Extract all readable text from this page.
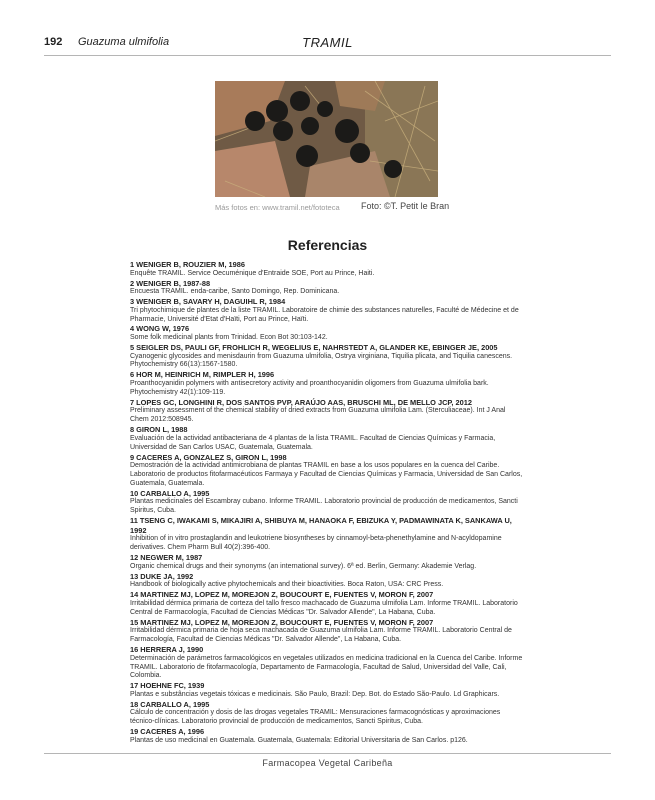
192 Guazuma ulmifolia	TRAMIL
Más fotos en: www.tramil.net/fototeca Foto: ©T. Petit le Bran
Referencias
1 WENIGER B, ROUZIER M, 1986
Enquête TRAMIL. Service Oecuménique d'Entraide SOE, Port au Prince, Haiti.
2 WENIGER B, 1987-88
Encuesta TRAMIL. enda-caribe, Santo Domingo, Rep. Dominicana.
3 WENIGER B, SAVARY H, DAGUIHL R, 1984
Tri phytochimique de plantes de la liste TRAMIL. Laboratoire de chimie des substances naturelles, Faculté de Médecine et de Pharmacie, Université d'Etat d'Haïti, Port au Prince, Haïti.
4 WONG W, 1976
Some folk medicinal plants from Trinidad. Econ Bot 30:103-142.
5 SEIGLER DS, PAULI GF, FROHLICH R, WEGELIUS E, NAHRSTEDT A, GLANDER KE, EBINGER JE, 2005
Cyanogenic glycosides and menisdaurin from Guazuma ulmifolia, Ostrya virginiana, Tiquilia plicata, and Tiquilia canescens. Phytochemistry 66(13):1567-1580.
6 HOR M, HEINRICH M, RIMPLER H, 1996
Proanthocyanidin polymers with antisecretory activity and proanthocyanidin oligomers from Guazuma ulmifolia bark. Phytochemistry 42(1):109-119.
7 LOPES GC, LONGHINI R, DOS SANTOS PVP, ARAÚJO AAS, BRUSCHI ML, DE MELLO JCP, 2012
Preliminary assessment of the chemical stability of dried extracts from Guazuma ulmifolia Lam. (Sterculiaceae). Int J Anal Chem 2012:508945.
8 GIRON L, 1988
Evaluación de la actividad antibacteriana de 4 plantas de la lista TRAMIL. Facultad de Ciencias Químicas y Farmacia, Universidad de San Carlos USAC, Guatemala, Guatemala.
9 CACERES A, GONZALEZ S, GIRON L, 1998
Demostración de la actividad antimicrobiana de plantas TRAMIL en base a los usos populares en la cuenca del Caribe. Laboratorio de productos fitofarmacéuticos Farmaya y Facultad de Ciencias Químicas y Farmacia, Universidad de San Carlos, Guatemala, Guatemala.
10 CARBALLO A, 1995
Plantas medicinales del Escambray cubano. Informe TRAMIL. Laboratorio provincial de producción de medicamentos, Sancti Spiritus, Cuba.
11 TSENG C, IWAKAMI S, MIKAJIRI A, SHIBUYA M, HANAOKA F, EBIZUKA Y, PADMAWINATA K, SANKAWA U, 1992
Inhibition of in vitro prostaglandin and leukotriene biosyntheses by cinnamoyl-beta-phenethylamine and N-acyldopamine derivatives. Chem Pharm Bull 40(2):396-400.
12 NEGWER M, 1987
Organic chemical drugs and their synonyms (an international survey). 6ª ed. Berlin, Germany: Akademie Verlag.
13 DUKE JA, 1992
Handbook of biologically active phytochemicals and their bioactivities. Boca Raton, USA: CRC Press.
14 MARTINEZ MJ, LOPEZ M, MOREJON Z, BOUCOURT E, FUENTES V, MORON F, 2007
Irritabilidad dérmica primaria de corteza del tallo fresco machacado de Guazuma ulmifolia Lam. Informe TRAMIL. Laboratorio Central de Farmacología, Facultad de Ciencias Médicas "Dr. Salvador Allende", La Habana, Cuba.
15 MARTINEZ MJ, LOPEZ M, MOREJON Z, BOUCOURT E, FUENTES V, MORON F, 2007
Irritabilidad dérmica primaria de hoja seca machacada de Guazuma ulmifolia Lam. Informe TRAMIL. Laboratorio Central de Farmacología, Facultad de Ciencias Médicas "Dr. Salvador Allende", La Habana, Cuba.
16 HERRERA J, 1990
Determinación de parámetros farmacológicos en vegetales utilizados en medicina tradicional en la Cuenca del Caribe. Informe TRAMIL. Laboratorio de fitofarmacología, Departamento de Farmacología, Facultad de Salud, Universidad del Valle, Cali, Colombia.
17 HOEHNE FC, 1939
Plantas e substâncias vegetais tóxicas e medicinais. São Paulo, Brazil: Dep. Bot. do Estado São-Paulo. Ld Graphicars.
18 CARBALLO A, 1995
Cálculo de concentración y dosis de las drogas vegetales TRAMIL: Mensuraciones farmacognósticas y aproximaciones técnico-clínicas. Laboratorio provincial de producción de medicamentos, Sancti Spiritus, Cuba.
19 CACERES A, 1996
Plantas de uso medicinal en Guatemala. Guatemala, Guatemala: Editorial Universitaria de San Carlos. p126.
Farmacopea Vegetal Caribeña
